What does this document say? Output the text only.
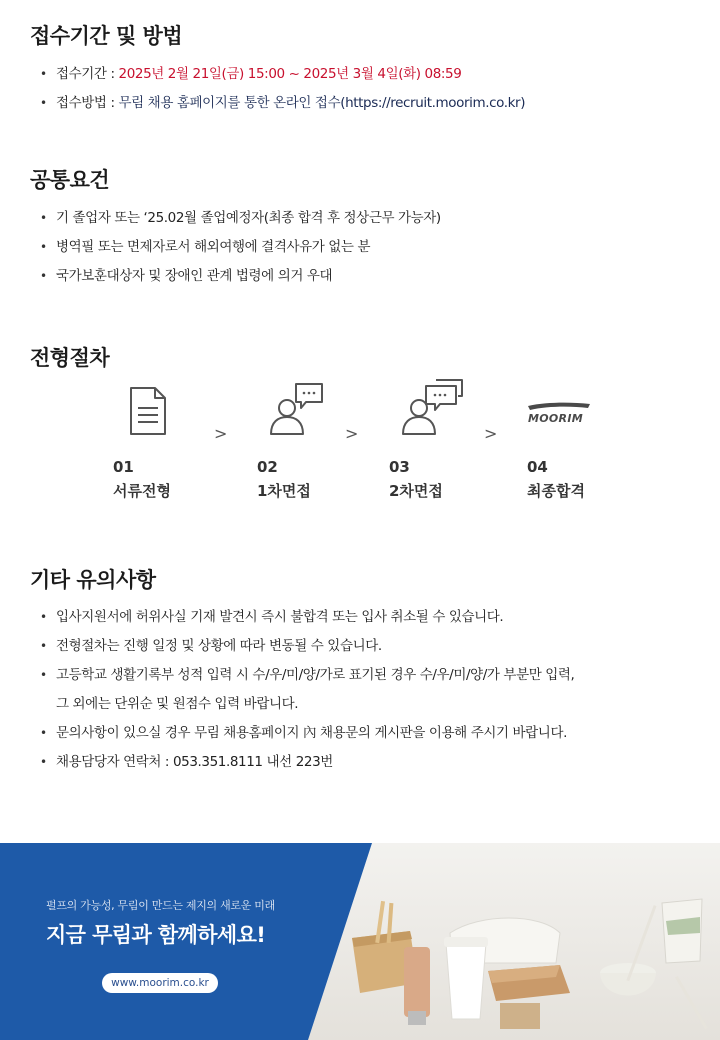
접수기간 및 방법
• 접수기간 : 2025년 2월 21일(금) 15:00 ~ 2025년 3월 4일(화) 08:59
• 접수방법 : 무림 채용 홈페이지를 통한 온라인 접수(https://recruit.moorim.co.kr)
공통요건
• 기 졸업자 또는 ‘25.02월 졸업예정자(최종 합격 후 정상근무 가능자)
• 병역필 또는 면제자로서 해외여행에 결격사유가 없는 분
• 국가보훈대상자 및 장애인 관계 법령에 의거 우대
전형절차
>	>	>
MOORIM
01
서류전형
02
1차면접
03
2차면접
04
최종합격
기타 유의사항
• 입사지원서에 허위사실 기재 발견시 즉시 불합격 또는 입사 취소될 수 있습니다.
• 전형절차는 진행 일정 및 상황에 따라 변동될 수 있습니다.
• 고등학교 생활기록부 성적 입력 시 수/우/미/양/가로 표기된 경우 수/우/미/양/가 부분만 입력,
그 외에는 단위순 및 원점수 입력 바랍니다.
• 문의사항이 있으실 경우 무림 채용홈페이지 內 채용문의 게시판을 이용해 주시기 바랍니다.
• 채용담당자 연락처 : 053.351.8111 내선 223번
펄프의 가능성, 무림이 만드는 제지의 새로운 미래
지금 무림과 함께하세요!
www.moorim.co.kr
